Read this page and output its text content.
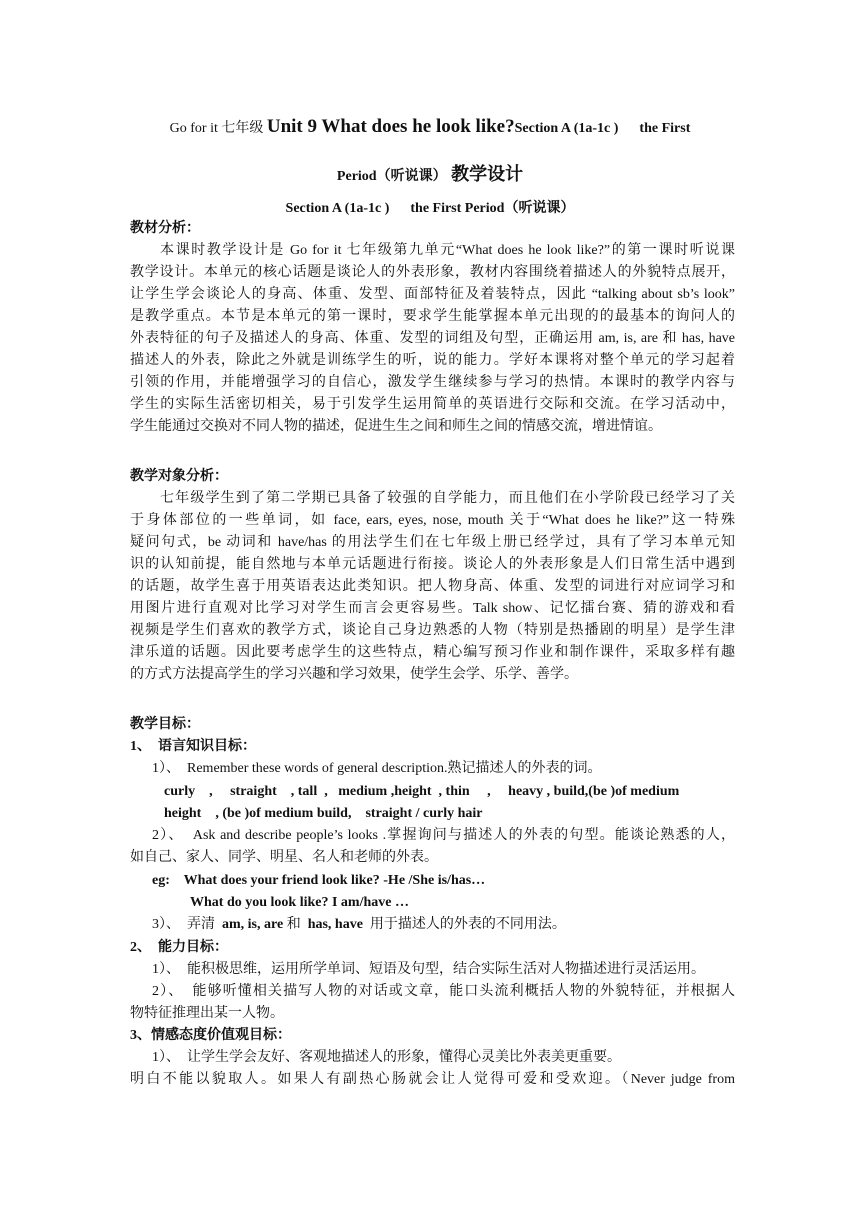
Go for it 七年级 Unit 9 What does he look like?Section A (1a-1c )      the First
Period（听说课） 教学设计
Section A (1a-1c )      the First Period（听说课）
教材分析：
本课时教学设计是 Go for it 七年级第九单元“What does he look like?”的第一课时听说课
教学设计。本单元的核心话题是谈论人的外表形象，教材内容围绕着描述人的外貌特点展开，
让学生学会谈论人的身高、体重、发型、面部特征及着装特点，因此 “talking about sb’s look”
是教学重点。本节是本单元的第一课时，要求学生能掌握本单元出现的的最基本的询问人的
外表特征的句子及描述人的身高、体重、发型的词组及句型，正确运用 am, is, are 和 has, have
描述人的外表，除此之外就是训练学生的听，说的能力。学好本课将对整个单元的学习起着
引领的作用，并能增强学习的自信心，激发学生继续参与学习的热情。本课时的教学内容与
学生的实际生活密切相关，易于引发学生运用简单的英语进行交际和交流。在学习活动中，
学生能通过交换对不同人物的描述，促进生生之间和师生之间的情感交流，增进情谊。
教学对象分析：
七年级学生到了第二学期已具备了较强的自学能力，而且他们在小学阶段已经学习了关
于身体部位的一些单词，如 face, ears, eyes, nose, mouth 关于“What does he like?”这一特殊
疑问句式，be 动词和 have/has 的用法学生们在七年级上册已经学过，具有了学习本单元知
识的认知前提，能自然地与本单元话题进行衔接。谈论人的外表形象是人们日常生活中遇到
的话题，故学生喜于用英语表达此类知识。把人物身高、体重、发型的词进行对应词学习和
用图片进行直观对比学习对学生而言会更容易些。Talk show、记忆擂台赛、猜的游戏和看
视频是学生们喜欢的教学方式，谈论自己身边熟悉的人物（特别是热播剧的明星）是学生津
津乐道的话题。因此要考虑学生的这些特点，精心编写预习作业和制作课件，采取多样有趣
的方式方法提高学生的学习兴趣和学习效果，使学生会学、乐学、善学。
教学目标：
1、  语言知识目标：
1）、  Remember these words of general description.熟记描述人的外表的词。
curly    ,     straight    , tall  ,   medium ,height  , thin     ,     heavy , build,(be )of medium
height    , (be )of medium build,    straight / curly hair
2）、  Ask and describe people’s looks .掌握询问与描述人的外表的句型。能谈论熟悉的人，
如自己、家人、同学、明星、名人和老师的外表。
eg:    What does your friend look like? -He /She is/has…
What do you look like? I am/have …
3）、  弄清  am, is, are 和  has, have  用于描述人的外表的不同用法。
2、  能力目标：
1）、  能积极思维，运用所学单词、短语及句型，结合实际生活对人物描述进行灵活运用。
2）、  能够听懂相关描写人物的对话或文章，能口头流利概括人物的外貌特征，并根据人
物特征推理出某一人物。
3、情感态度价值观目标：
1）、  让学生学会友好、客观地描述人的形象，懂得心灵美比外表美更重要。
明白不能以貌取人。如果人有副热心肠就会让人觉得可爱和受欢迎。（Never judge from
